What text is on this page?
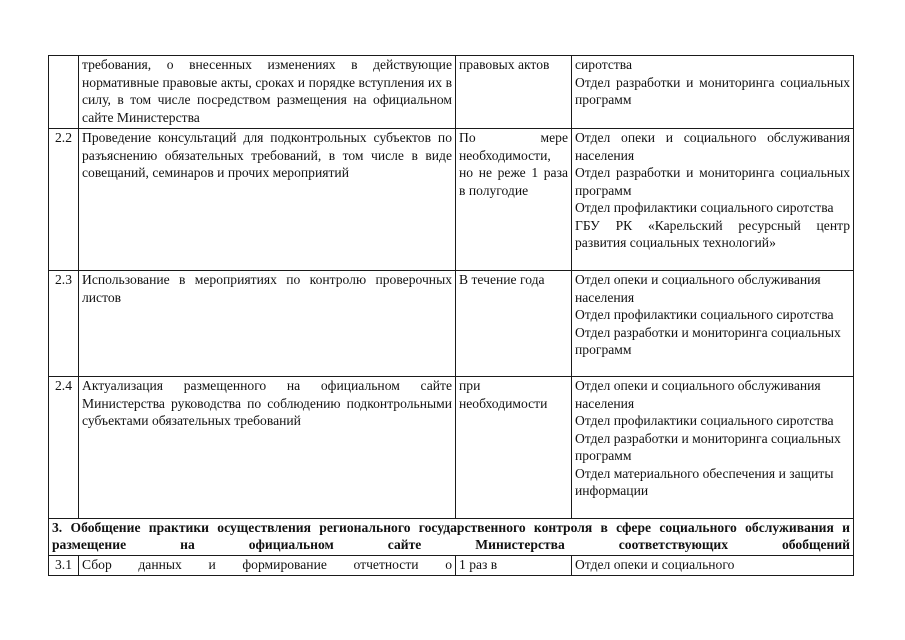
	требования, о внесенных изменениях в действующие нормативные правовые акты, сроках и порядке вступления их в силу, в том числе посредством размещения на официальном сайте Министерства	правовых актов	сиротства
Отдел разработки и мониторинга социальных программ

2.2	Проведение консультаций для подконтрольных субъектов по разъяснению обязательных требований, в том числе в виде совещаний, семинаров и прочих мероприятий	По мере необходимости, но не реже 1 раза в полугодие	Отдел опеки и социального обслуживания населения
Отдел разработки и мониторинга социальных программ
Отдел профилактики социального сиротства
ГБУ РК «Карельский ресурсный центр развития социальных технологий»

2.3	Использование в мероприятиях по контролю проверочных листов	В течение года	Отдел опеки и социального обслуживания населения
Отдел профилактики социального сиротства
Отдел разработки и мониторинга социальных программ

2.4	Актуализация размещенного на официальном сайте Министерства руководства по соблюдению подконтрольными субъектами обязательных требований	при необходимости	Отдел опеки и социального обслуживания населения
Отдел профилактики социального сиротства
Отдел разработки и мониторинга социальных программ
Отдел материального обеспечения и защиты информации

3. Обобщение практики осуществления регионального государственного контроля в сфере социального обслуживания и размещение на официальном сайте Министерства соответствующих обобщений			
3.1	Сбор данных и формирование отчетности о	1 раз в	Отдел опеки и социального
